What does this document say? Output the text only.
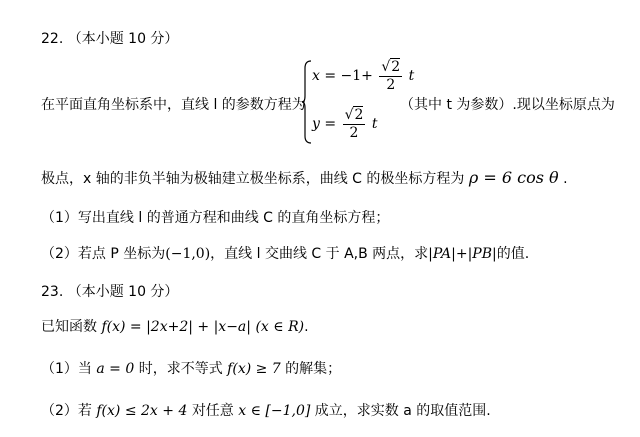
22. （本小题 10 分）
在平面直角坐标系中，直线 l 的参数方程为
$x = -1+ \frac{√2}{2}$ t
$y = \frac{√2}{2}$ t
（其中 t 为参数）.现以坐标原点为
极点，x 轴的非负半轴为极轴建立极坐标系，曲线 C 的极坐标方程为 ρ = 6 cos θ .
（1）写出直线 l 的普通方程和曲线 C 的直角坐标方程；
（2）若点 P 坐标为(−1,0)，直线 l 交曲线 C 于 A,B 两点，求|PA|+|PB|的值.
23. （本小题 10 分）
已知函数 f(x) = |2x+2| + |x−a| (x ∈ R).
（1）当 a = 0 时，求不等式 f(x) ≥ 7 的解集；
（2）若 f(x) ≤ 2x + 4 对任意 x ∈ [−1,0] 成立，求实数 a 的取值范围.
